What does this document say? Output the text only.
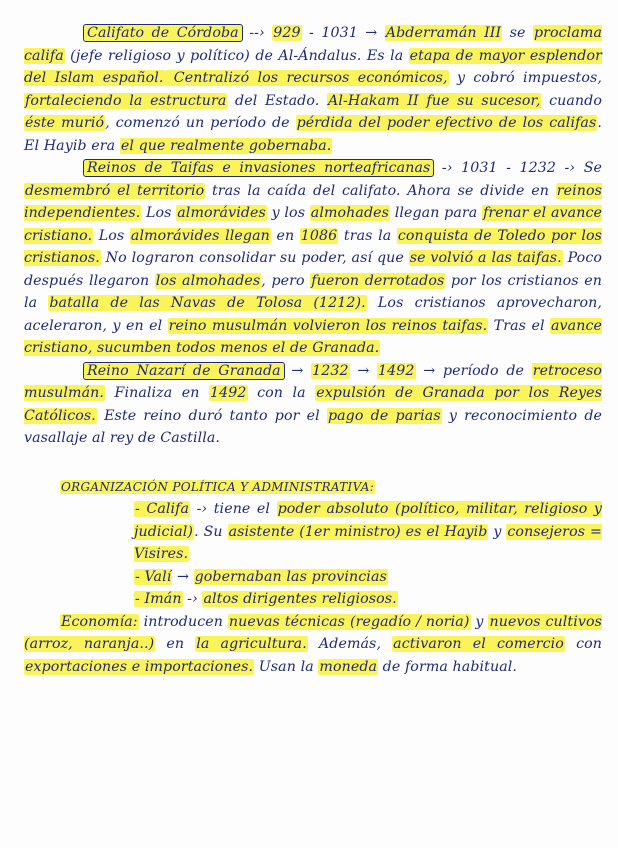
Califato de Córdoba --› 929 - 1031 → Abderramán III se proclama califa (jefe religioso y político) de Al-Ándalus. Es la etapa de mayor esplendor del Islam español. Centralizó los recursos económicos, y cobró impuestos, fortaleciendo la estructura del Estado. Al-Hakam II fue su sucesor, cuando éste murió, comenzó un período de pérdida del poder efectivo de los califas. El Hayib era el que realmente gobernaba.

Reinos de Taifas e invasiones norteafricanas -› 1031 - 1232 -› Se desmembró el territorio tras la caída del califato. Ahora se divide en reinos independientes. Los almorávides y los almohades llegan para frenar el avance cristiano. Los almorávides llegan en 1086 tras la conquista de Toledo por los cristianos. No lograron consolidar su poder, así que se volvió a las taifas. Poco después llegaron los almohades, pero fueron derrotados por los cristianos en la batalla de las Navas de Tolosa (1212). Los cristianos aprovecharon, aceleraron, y en el reino musulmán volvieron los reinos taifas. Tras el avance cristiano, sucumben todos menos el de Granada.

Reino Nazarí de Granada → 1232 → 1492 → período de retroceso musulmán. Finaliza en 1492 con la expulsión de Granada por los Reyes Católicos. Este reino duró tanto por el pago de parias y reconocimiento de vasallaje al rey de Castilla.

ORGANIZACIÓN POLÍTICA Y ADMINISTRATIVA:

- Califa -› tiene el poder absoluto (político, militar, religioso y judicial). Su asistente (1er ministro) es el Hayib y consejeros = Visires.

- Valí → gobernaban las provincias

- Imán -› altos dirigentes religiosos.

Economía: introducen nuevas técnicas (regadío / noria) y nuevos cultivos (arroz, naranja..) en la agricultura. Además, activaron el comercio con exportaciones e importaciones. Usan la moneda de forma habitual.
